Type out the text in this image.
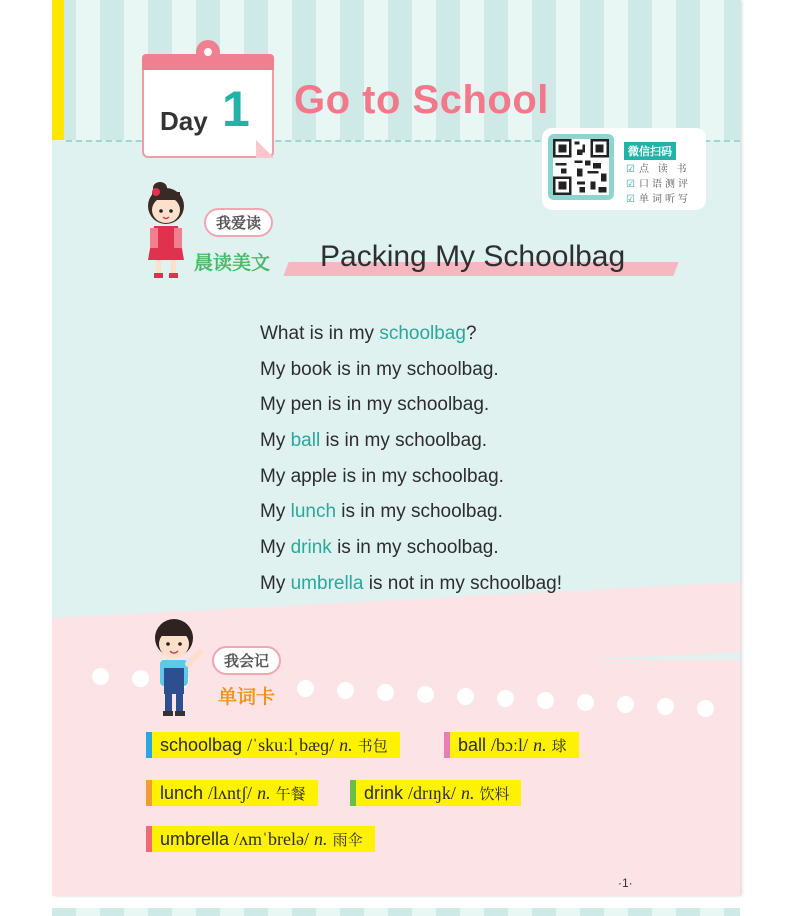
Day 1 Go to School
微信扫码
☑ 点 读 书
☑ 口语测评
☑ 单词听写
我爱读
晨读美文 Packing My Schoolbag
What is in my schoolbag?
My book is in my schoolbag.
My pen is in my schoolbag.
My ball is in my schoolbag.
My apple is in my schoolbag.
My lunch is in my schoolbag.
My drink is in my schoolbag.
My umbrella is not in my schoolbag!
我会记
单词卡
schoolbag /ˈskuːlˌbæɡ/ n. 书包	ball /bɔːl/ n. 球
lunch /lʌntʃ/ n. 午餐	drink /drɪŋk/ n. 饮料
umbrella /ʌmˈbrelə/ n. 雨伞
·1·
